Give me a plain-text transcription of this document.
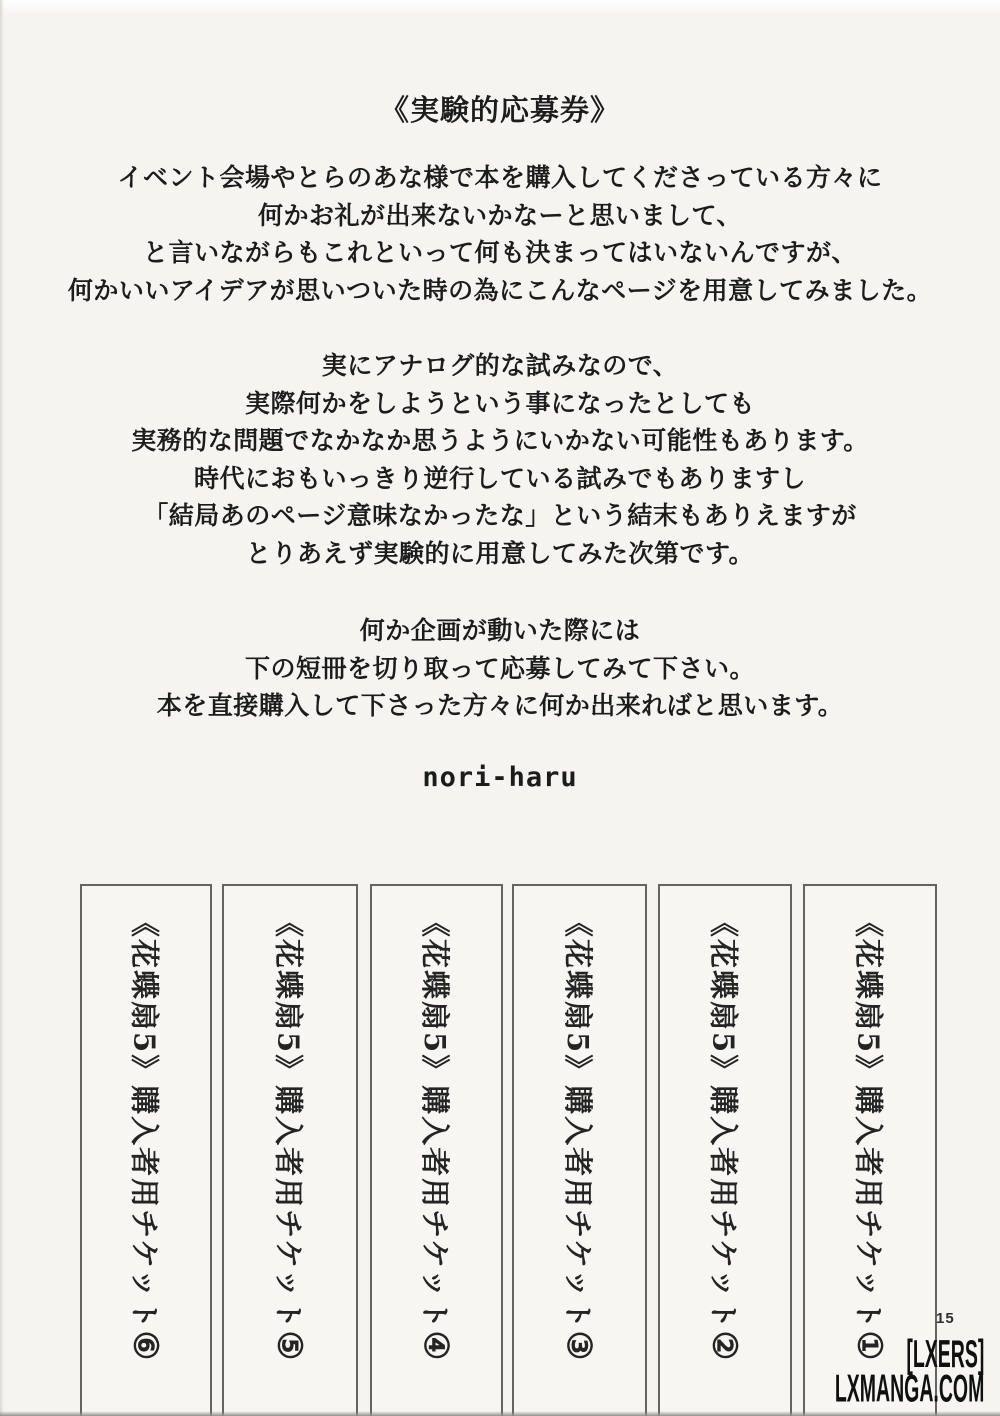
《実験的応募券》
イベント会場やとらのあな様で本を購入してくださっている方々に
何かお礼が出来ないかなーと思いまして、
と言いながらもこれといって何も決まってはいないんですが、
何かいいアイデアが思いついた時の為にこんなページを用意してみました。
実にアナログ的な試みなので、
実際何かをしようという事になったとしても
実務的な問題でなかなか思うようにいかない可能性もあります。
時代におもいっきり逆行している試みでもありますし
「結局あのページ意味なかったな」という結末もありえますが
とりあえず実験的に用意してみた次第です。
何か企画が動いた際には
下の短冊を切り取って応募してみて下さい。
本を直接購入して下さった方々に何か出来ればと思います。
nori-haru
《花蝶扇5》購入者用チケット⑥
《花蝶扇5》購入者用チケット⑤
《花蝶扇5》購入者用チケット④
《花蝶扇5》購入者用チケット③
《花蝶扇5》購入者用チケット②
《花蝶扇5》購入者用チケット①
15
[LXERS]
LXMANGA.COM
